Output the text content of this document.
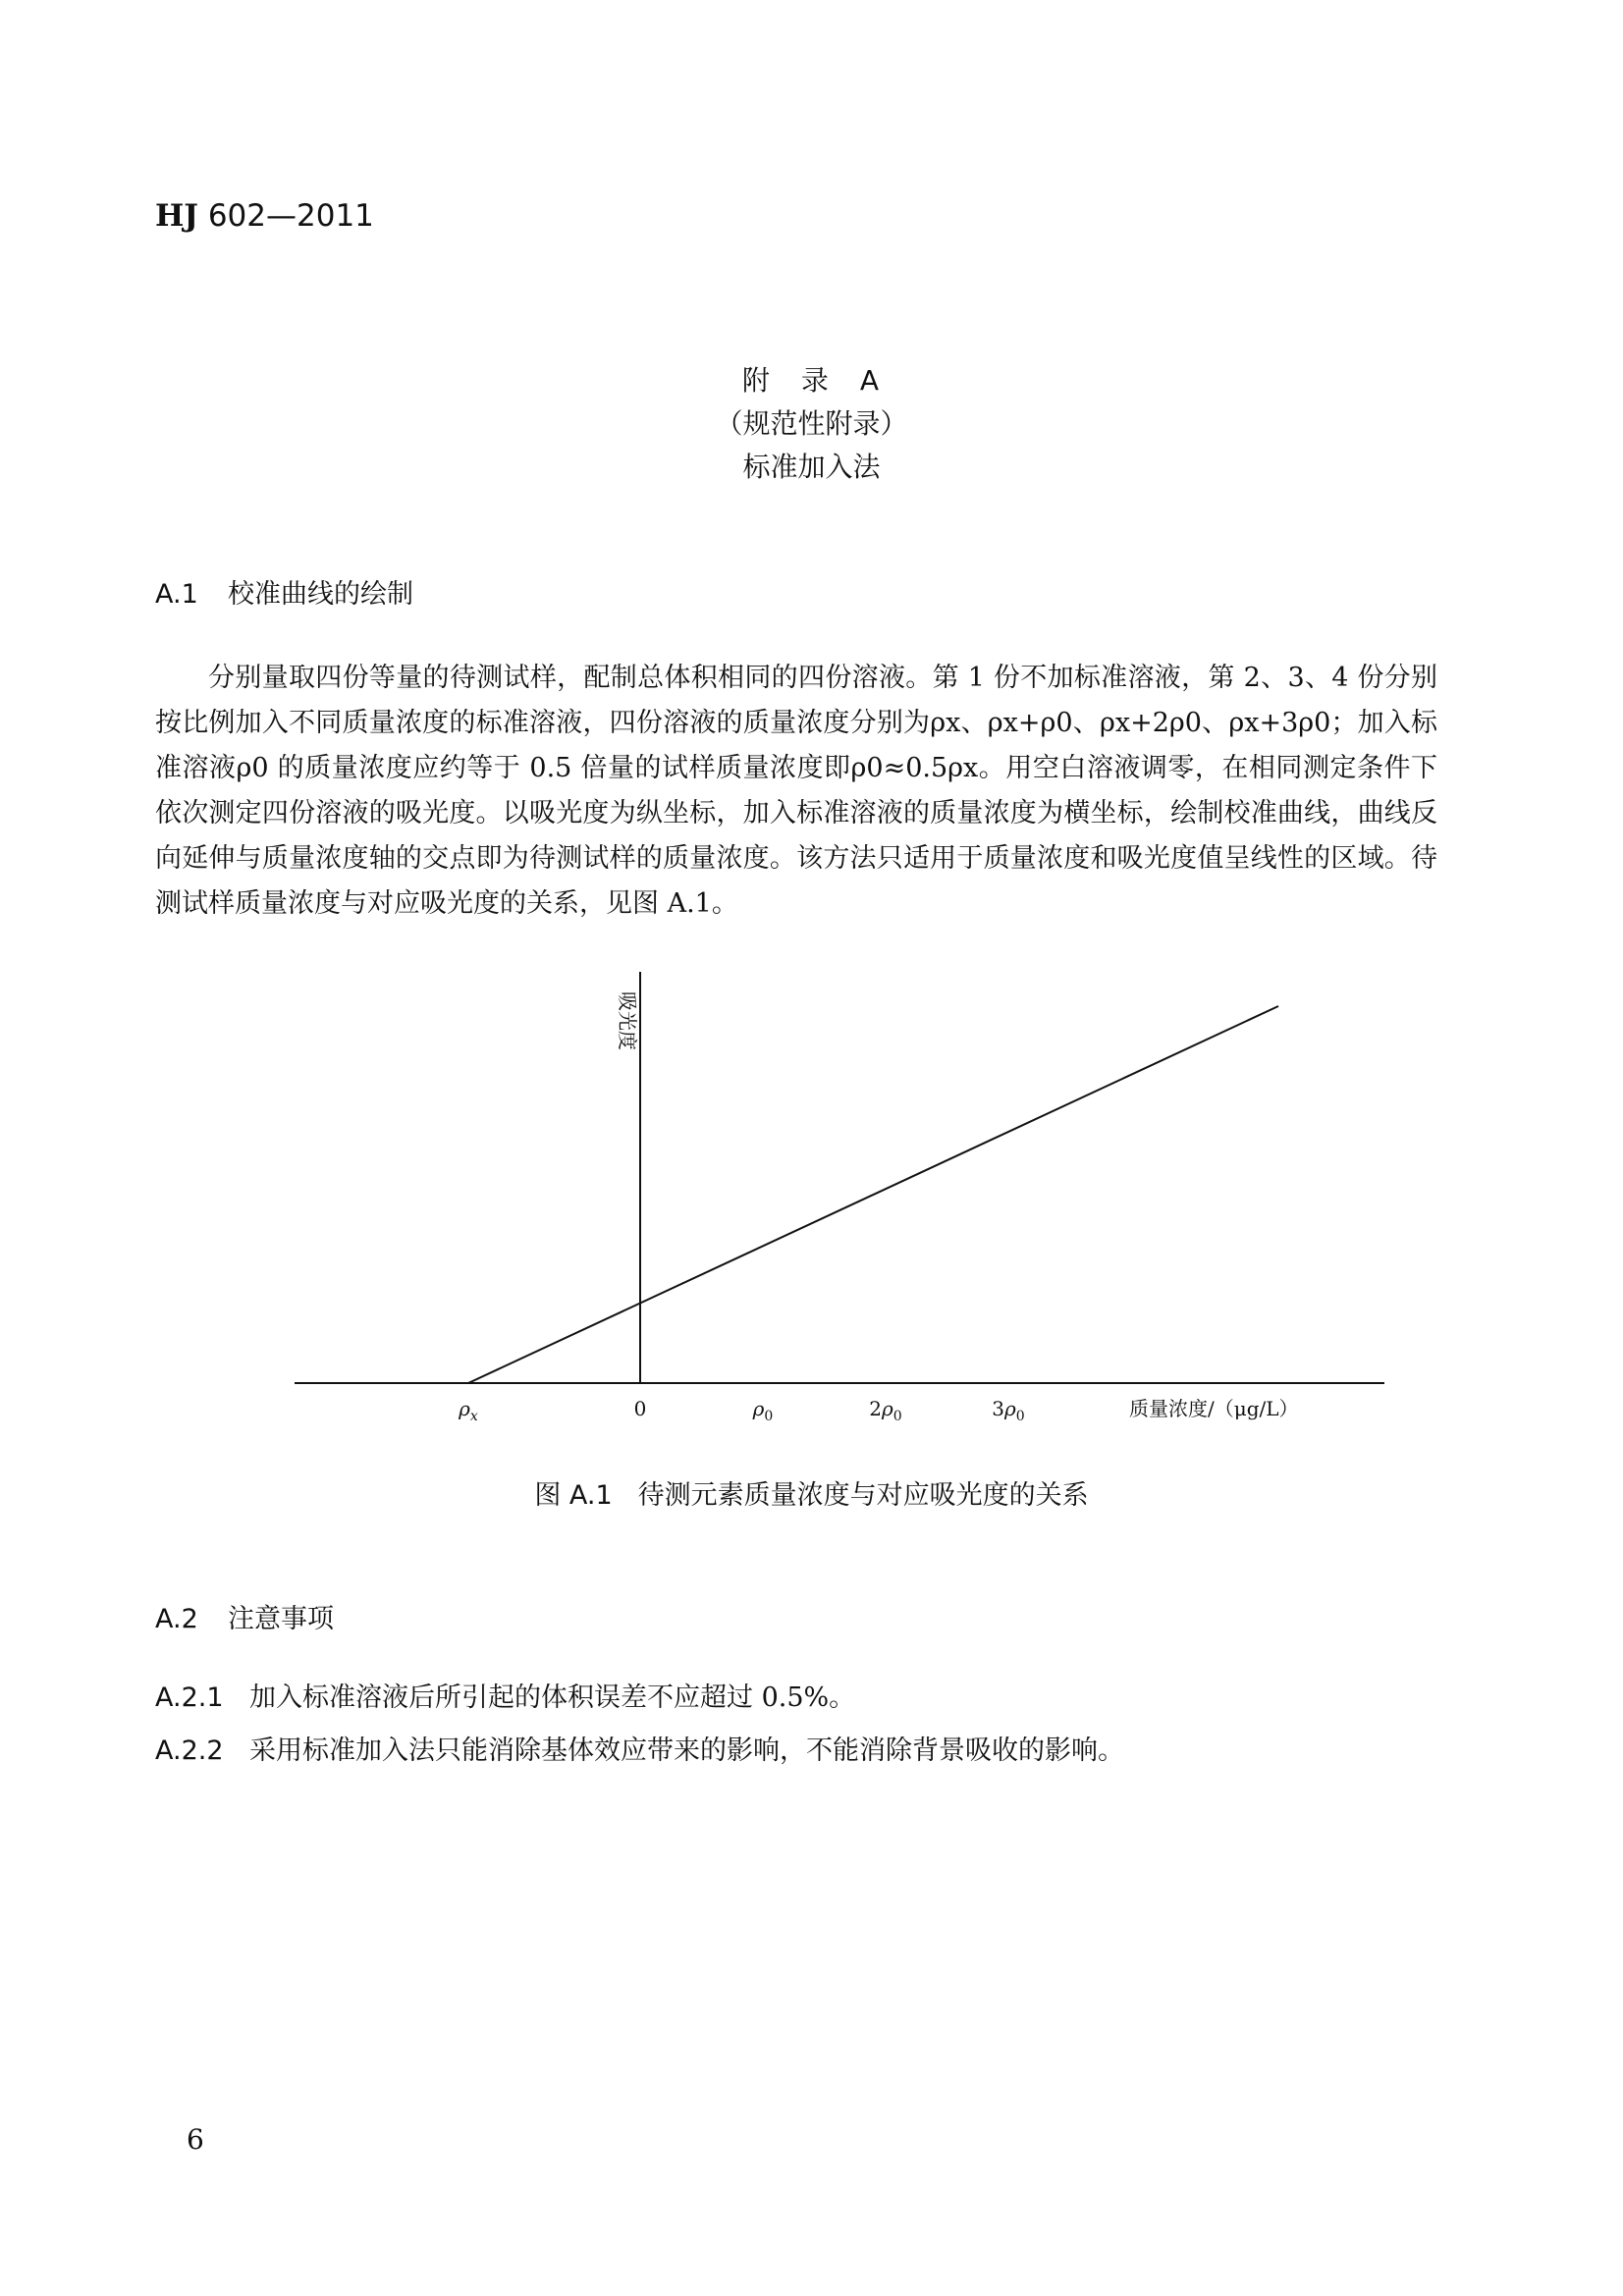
HJ 602—2011
附　录　A
（规范性附录）
标准加入法
A.1 校准曲线的绘制
分别量取四份等量的待测试样，配制总体积相同的四份溶液。第 1 份不加标准溶液，第 2、3、4 份分别按比例加入不同质量浓度的标准溶液，四份溶液的质量浓度分别为ρx、ρx+ρ0、ρx+2ρ0、ρx+3ρ0；加入标准溶液ρ0 的质量浓度应约等于 0.5 倍量的试样质量浓度即ρ0≈0.5ρx。用空白溶液调零，在相同测定条件下依次测定四份溶液的吸光度。以吸光度为纵坐标，加入标准溶液的质量浓度为横坐标，绘制校准曲线，曲线反向延伸与质量浓度轴的交点即为待测试样的质量浓度。该方法只适用于质量浓度和吸光度值呈线性的区域。待测试样质量浓度与对应吸光度的关系，见图 A.1。
$\rho_x$	0	$\rho_0$	$2\rho_0$	$3\rho_0$
吸光度
质量浓度/（μg/L）
图 A.1 待测元素质量浓度与对应吸光度的关系
A.2 注意事项
A.2.1 加入标准溶液后所引起的体积误差不应超过 0.5%。
A.2.2 采用标准加入法只能消除基体效应带来的影响，不能消除背景吸收的影响。
6
